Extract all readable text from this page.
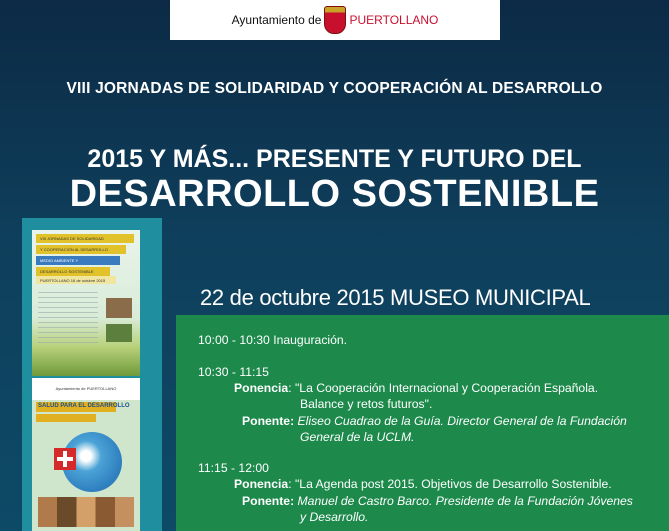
Ayuntamiento de PUERTOLLANO
VIII JORNADAS DE SOLIDARIDAD Y COOPERACIÓN AL DESARROLLO
2015 Y MÁS... PRESENTE Y FUTURO DEL
DESARROLLO SOSTENIBLE
VIII JORNADAS DE SOLIDARIDAD
Y COOPERACIÓN AL DESARROLLO
MEDIO AMBIENTE Y
DESARROLLO SOSTENIBLE
PUERTOLLANO 16 de octubre 2015
Ayuntamiento de PUERTOLLANO
SALUD PARA EL DESARROLLO
22 de octubre 2015 MUSEO MUNICIPAL
10:00 - 10:30 Inauguración.
10:30 - 11:15
Ponencia: "La Cooperación Internacional y Cooperación Española.
Balance y retos futuros".
Ponente: Eliseo Cuadrao de la Guía. Director General de la Fundación
General de la UCLM.
11:15 - 12:00
Ponencia: "La Agenda post 2015. Objetivos de Desarrollo Sostenible.
Ponente: Manuel de Castro Barco. Presidente de la Fundación Jóvenes
y Desarrollo.
